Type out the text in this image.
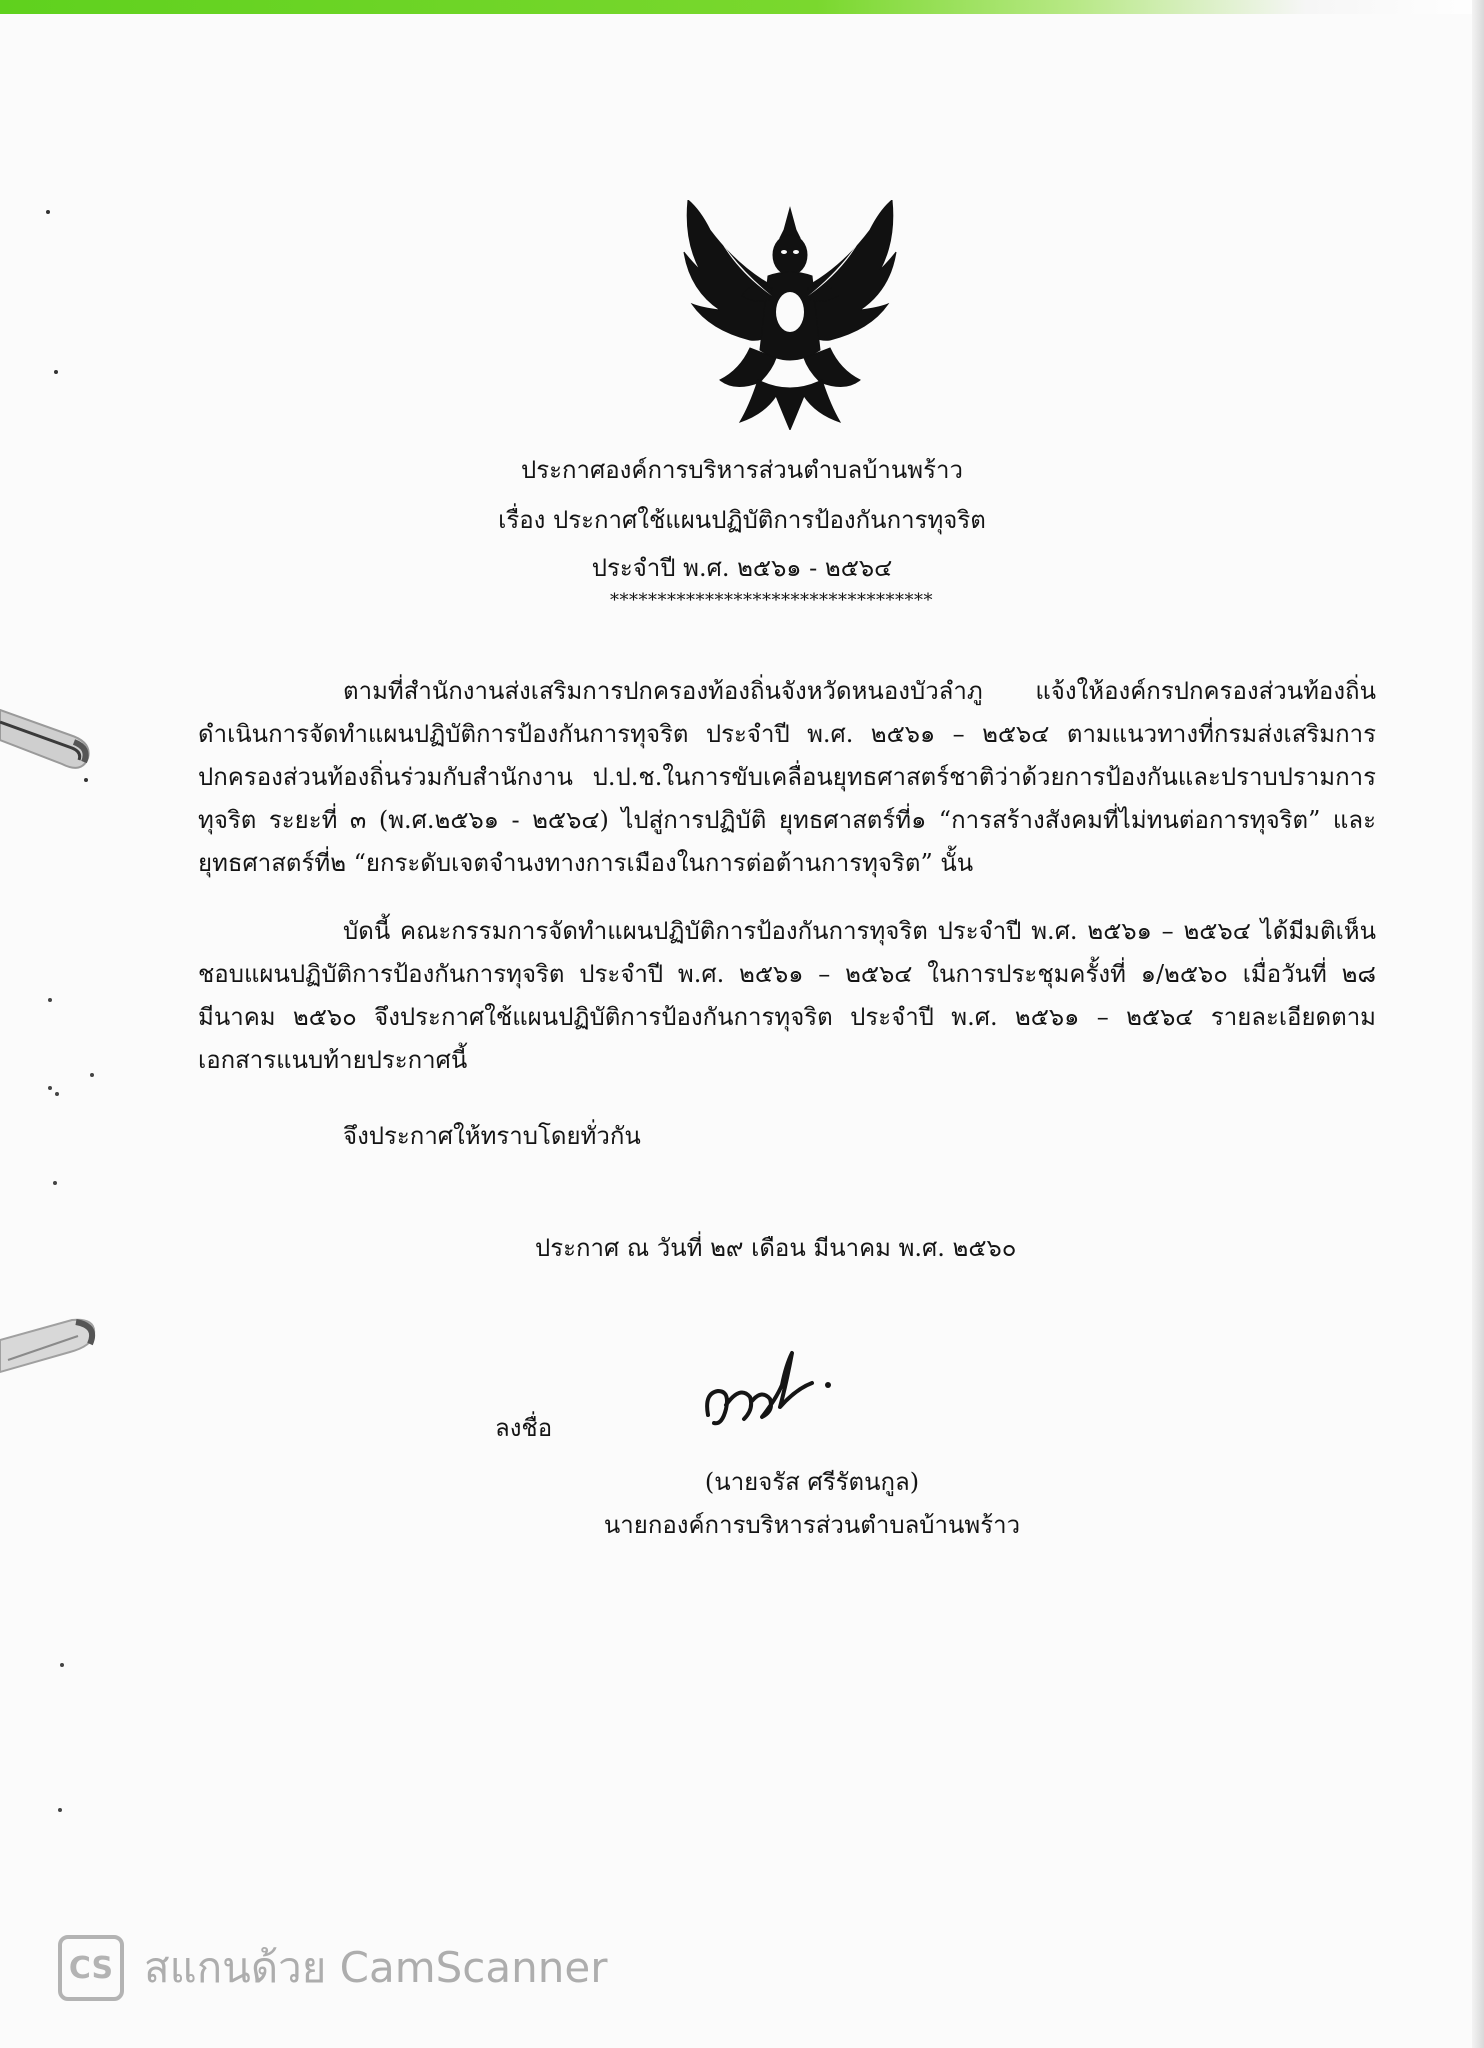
ประกาศองค์การบริหารส่วนตำบลบ้านพร้าว
เรื่อง ประกาศใช้แผนปฏิบัติการป้องกันการทุจริต
ประจำปี พ.ศ. ๒๕๖๑ - ๒๕๖๔
**********************************
ตามที่สำนักงานส่งเสริมการปกครองท้องถิ่นจังหวัดหนองบัวลำภู แจ้งให้องค์กรปกครองส่วนท้องถิ่นดำเนินการจัดทำแผนปฏิบัติการป้องกันการทุจริต ประจำปี พ.ศ. ๒๕๖๑ – ๒๕๖๔ ตามแนวทางที่กรมส่งเสริมการปกครองส่วนท้องถิ่นร่วมกับสำนักงาน ป.ป.ช.ในการขับเคลื่อนยุทธศาสตร์ชาติว่าด้วยการป้องกันและปราบปรามการทุจริต ระยะที่ ๓ (พ.ศ.๒๕๖๑ - ๒๕๖๔) ไปสู่การปฏิบัติ ยุทธศาสตร์ที่๑ “การสร้างสังคมที่ไม่ทนต่อการทุจริต” และยุทธศาสตร์ที่๒ “ยกระดับเจตจำนงทางการเมืองในการต่อต้านการทุจริต” นั้น
บัดนี้ คณะกรรมการจัดทำแผนปฏิบัติการป้องกันการทุจริต ประจำปี พ.ศ. ๒๕๖๑ – ๒๕๖๔ ได้มีมติเห็นชอบแผนปฏิบัติการป้องกันการทุจริต ประจำปี พ.ศ. ๒๕๖๑ – ๒๕๖๔ ในการประชุมครั้งที่ ๑/๒๕๖๐ เมื่อวันที่ ๒๘ มีนาคม ๒๕๖๐ จึงประกาศใช้แผนปฏิบัติการป้องกันการทุจริต ประจำปี พ.ศ. ๒๕๖๑ – ๒๕๖๔ รายละเอียดตามเอกสารแนบท้ายประกาศนี้
จึงประกาศให้ทราบโดยทั่วกัน
ประกาศ ณ วันที่ ๒๙ เดือน มีนาคม พ.ศ. ๒๕๖๐
ลงชื่อ
(นายจรัส ศรีรัตนกูล)
นายกองค์การบริหารส่วนตำบลบ้านพร้าว
CS สแกนด้วย CamScanner
